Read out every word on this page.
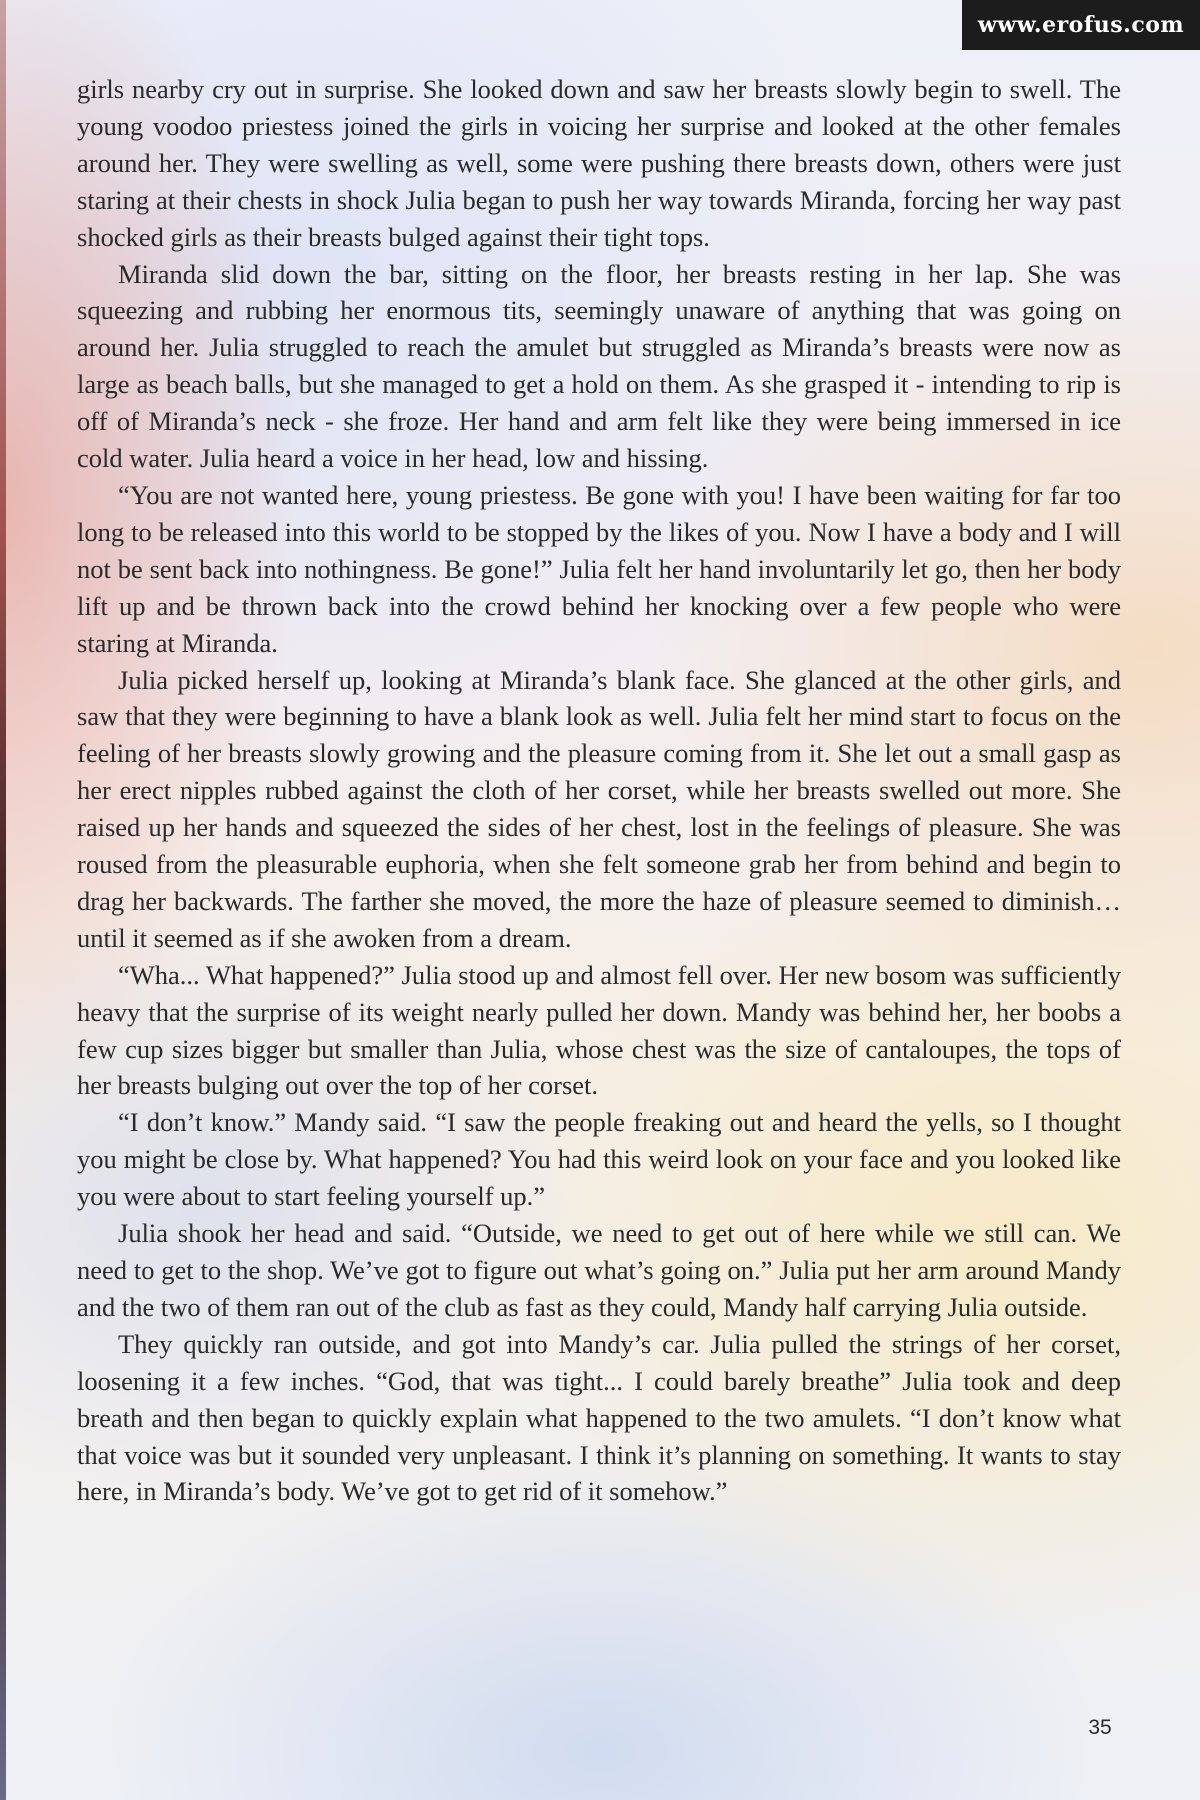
www.erofus.com

girls nearby cry out in surprise. She looked down and saw her breasts slowly begin to swell. The young voodoo priestess joined the girls in voicing her surprise and looked at the other females around her. They were swelling as well, some were pushing there breasts down, others were just staring at their chests in shock Julia began to push her way towards Miranda, forcing her way past shocked girls as their breasts bulged against their tight tops.

Miranda slid down the bar, sitting on the floor, her breasts resting in her lap. She was squeezing and rubbing her enormous tits, seemingly unaware of anything that was going on around her. Julia struggled to reach the amulet but struggled as Miranda’s breasts were now as large as beach balls, but she managed to get a hold on them. As she grasped it - intending to rip is off of Miranda’s neck - she froze. Her hand and arm felt like they were being immersed in ice cold water. Julia heard a voice in her head, low and hissing.

“You are not wanted here, young priestess. Be gone with you! I have been waiting for far too long to be released into this world to be stopped by the likes of you. Now I have a body and I will not be sent back into nothingness. Be gone!” Julia felt her hand involuntarily let go, then her body lift up and be thrown back into the crowd behind her knocking over a few people who were staring at Miranda.

Julia picked herself up, looking at Miranda’s blank face. She glanced at the other girls, and saw that they were beginning to have a blank look as well. Julia felt her mind start to focus on the feeling of her breasts slowly growing and the pleasure coming from it. She let out a small gasp as her erect nipples rubbed against the cloth of her corset, while her breasts swelled out more. She raised up her hands and squeezed the sides of her chest, lost in the feelings of pleasure. She was roused from the pleasurable euphoria, when she felt someone grab her from behind and begin to drag her backwards. The farther she moved, the more the haze of pleasure seemed to diminish… until it seemed as if she awoken from a dream.

“Wha... What happened?” Julia stood up and almost fell over. Her new bosom was sufficiently heavy that the surprise of its weight nearly pulled her down. Mandy was behind her, her boobs a few cup sizes bigger but smaller than Julia, whose chest was the size of cantaloupes, the tops of her breasts bulging out over the top of her corset.

“I don’t know.” Mandy said. “I saw the people freaking out and heard the yells, so I thought you might be close by. What happened? You had this weird look on your face and you looked like you were about to start feeling yourself up.”

Julia shook her head and said. “Outside, we need to get out of here while we still can. We need to get to the shop. We’ve got to figure out what’s going on.” Julia put her arm around Mandy and the two of them ran out of the club as fast as they could, Mandy half carrying Julia outside.

They quickly ran outside, and got into Mandy’s car. Julia pulled the strings of her corset, loosening it a few inches. “God, that was tight... I could barely breathe” Julia took and deep breath and then began to quickly explain what happened to the two amulets. “I don’t know what that voice was but it sounded very unpleasant. I think it’s planning on something. It wants to stay here, in Miranda’s body. We’ve got to get rid of it somehow.”

35
